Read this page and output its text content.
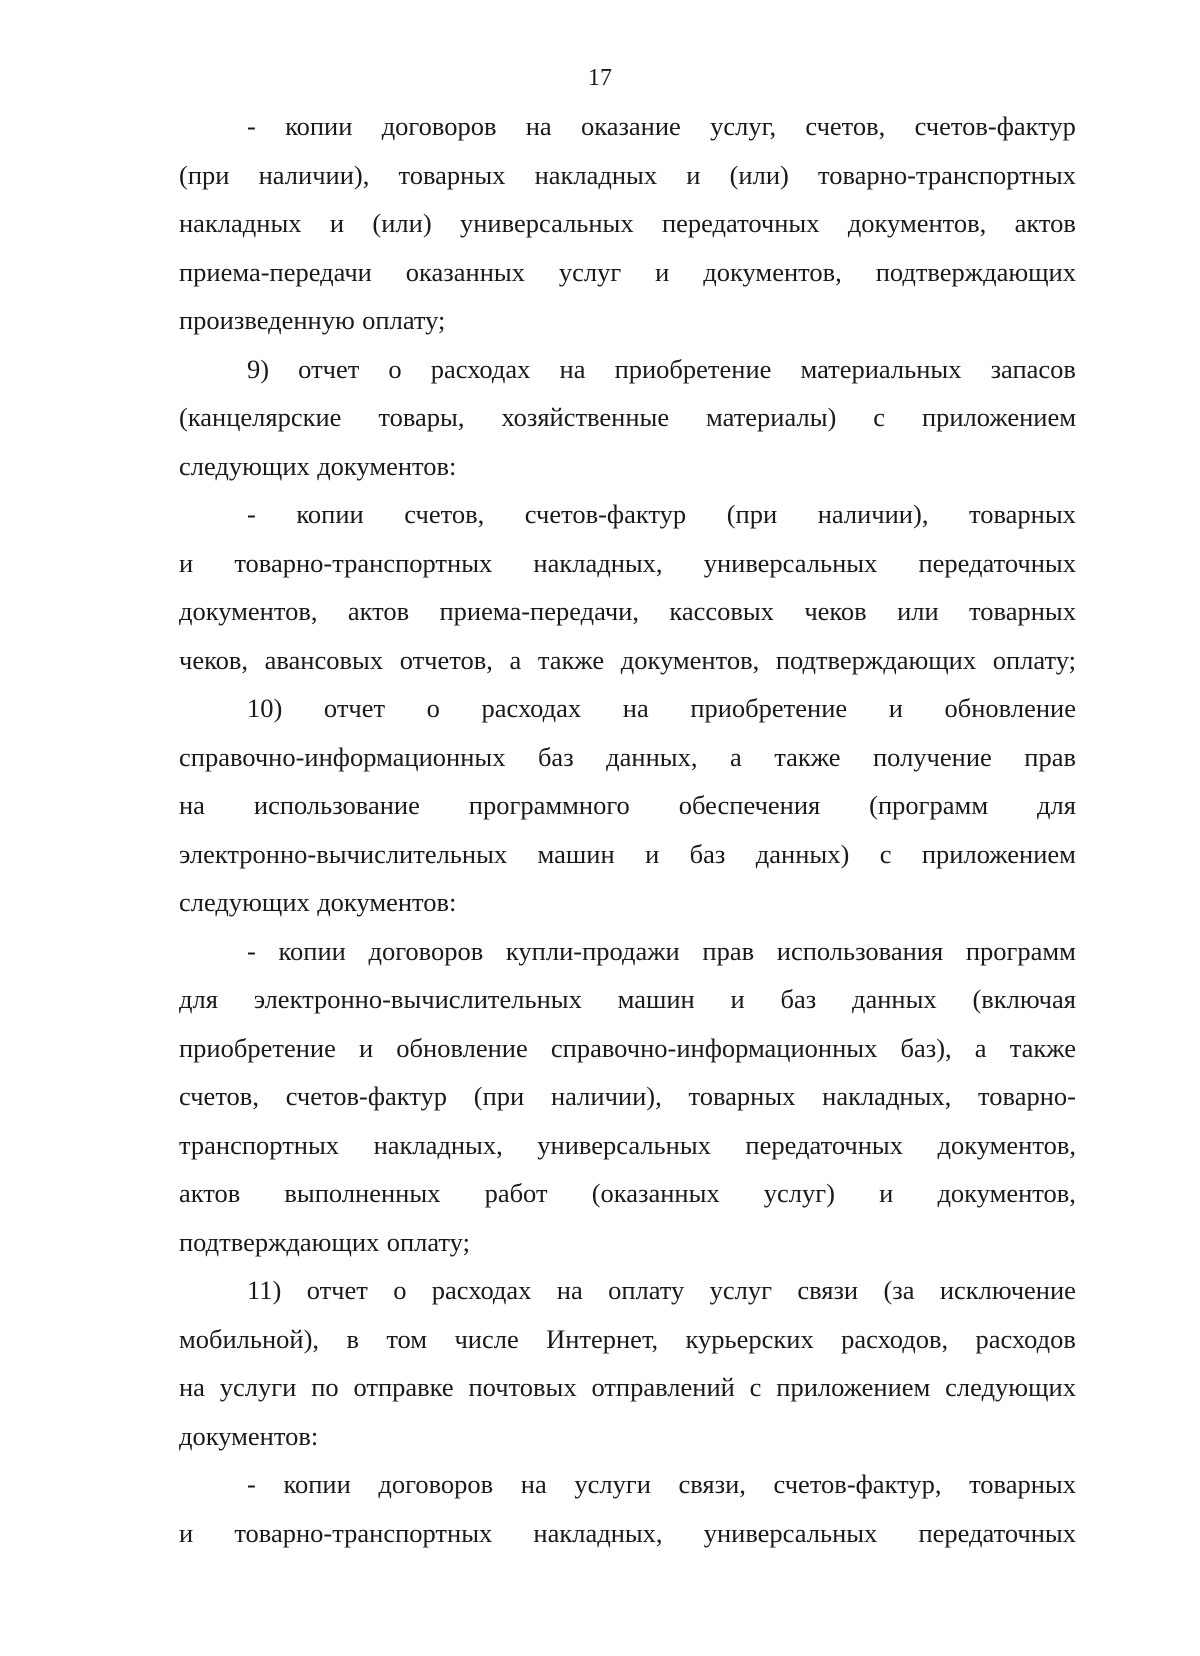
17
- копии договоров на оказание услуг, счетов, счетов-фактур
(при наличии), товарных накладных и (или) товарно-транспортных
накладных и (или) универсальных передаточных документов, актов
приема-передачи оказанных услуг и документов, подтверждающих
произведенную оплату;
9) отчет о расходах на приобретение материальных запасов
(канцелярские товары, хозяйственные материалы) с приложением
следующих документов:
- копии счетов, счетов-фактур (при наличии), товарных
и товарно-транспортных накладных, универсальных передаточных
документов, актов приема-передачи, кассовых чеков или товарных
чеков, авансовых отчетов, а также документов, подтверждающих оплату;
10) отчет о расходах на приобретение и обновление
справочно-информационных баз данных, а также получение прав
на использование программного обеспечения (программ для
электронно-вычислительных машин и баз данных) с приложением
следующих документов:
- копии договоров купли-продажи прав использования программ
для электронно-вычислительных машин и баз данных (включая
приобретение и обновление справочно-информационных баз), а также
счетов, счетов-фактур (при наличии), товарных накладных, товарно-
транспортных накладных, универсальных передаточных документов,
актов выполненных работ (оказанных услуг) и документов,
подтверждающих оплату;
11) отчет о расходах на оплату услуг связи (за исключение
мобильной), в том числе Интернет, курьерских расходов, расходов
на услуги по отправке почтовых отправлений с приложением следующих
документов:
- копии договоров на услуги связи, счетов-фактур, товарных
и товарно-транспортных накладных, универсальных передаточных
